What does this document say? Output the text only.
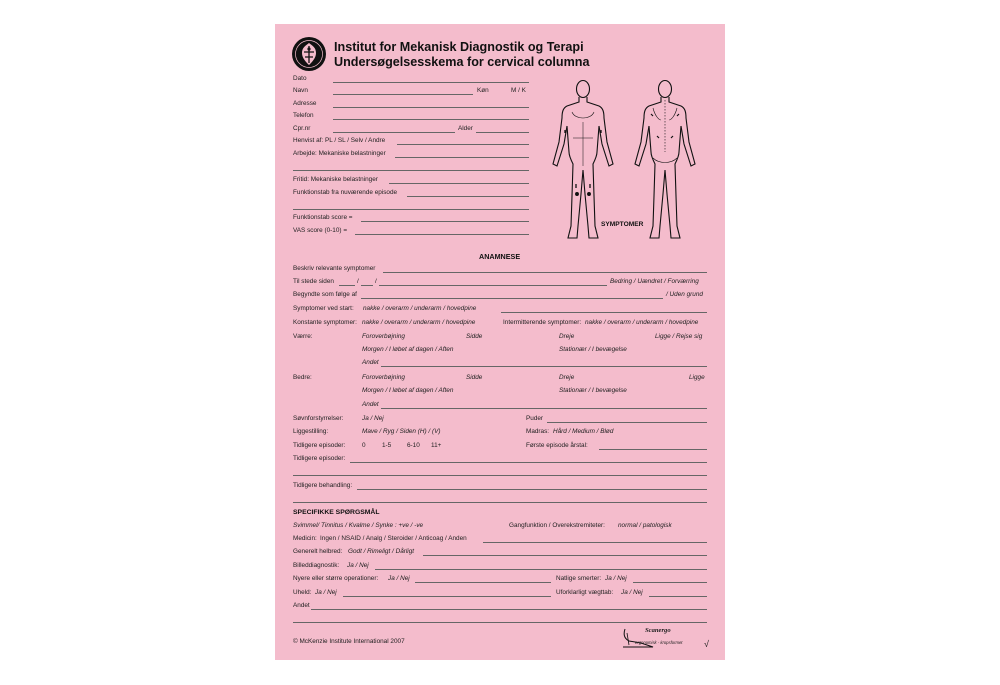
Institut for Mekanisk Diagnostik og Terapi
Undersøgelsesskema for cervical columna
Dato
Navn	Køn	M / K
Adresse
Telefon
Cpr.nr	Alder
Henvist af: PL / SL / Selv / Andre
Arbejde: Mekaniske belastninger
Fritid: Mekaniske belastninger
Funktionstab fra nuværende episode
Funktionstab score =
VAS score (0-10) =
SYMPTOMER
ANAMNESE
Beskriv relevante symptomer
Til stede siden	/	/	Bedring / Uændret / Forværring
Begyndte som følge af	/ Uden grund
Symptomer ved start: nakke / overarm / underarm / hovedpine
Konstante symptomer: nakke / overarm / underarm / hovedpine	Intermitterende symptomer: nakke / overarm / underarm / hovedpine
Værre:	Foroverbøjning	Sidde	Dreje	Ligge / Rejse sig
Morgen / I løbet af dagen / Aften	Stationær / I bevægelse
Andet
Bedre:	Foroverbøjning	Sidde	Dreje	Ligge
Morgen / I løbet af dagen / Aften	Stationær / I bevægelse
Andet
Søvnforstyrrelser:	Ja / Nej	Puder
Liggestilling:	Mave / Ryg / Siden (H) / (V)	Madras: Hård / Medium / Blød
Tidligere episoder:	0	1-5 6-10 11+	Første episode årstal:
Tidligere episoder:
Tidligere behandling:
SPECIFIKKE SPØRGSMÅL
Svimmel/ Tinnitus / Kvalme / Synke : +ve / -ve	Gangfunktion / Overekstremiteter: normal / patologisk
Medicin: Ingen / NSAID / Analg / Steroider / Anticoag / Anden
Generelt helbred: Godt / Rimeligt / Dårligt
Billeddiagnostik: Ja / Nej
Nyere eller større operationer: Ja / Nej	Natlige smerter: Ja / Nej
Uheld: Ja / Nej	Uforklarligt vægttab: Ja / Nej
Andet
© McKenzie Institute International 2007
Scanergo
ergonomisk - kropsformet √
